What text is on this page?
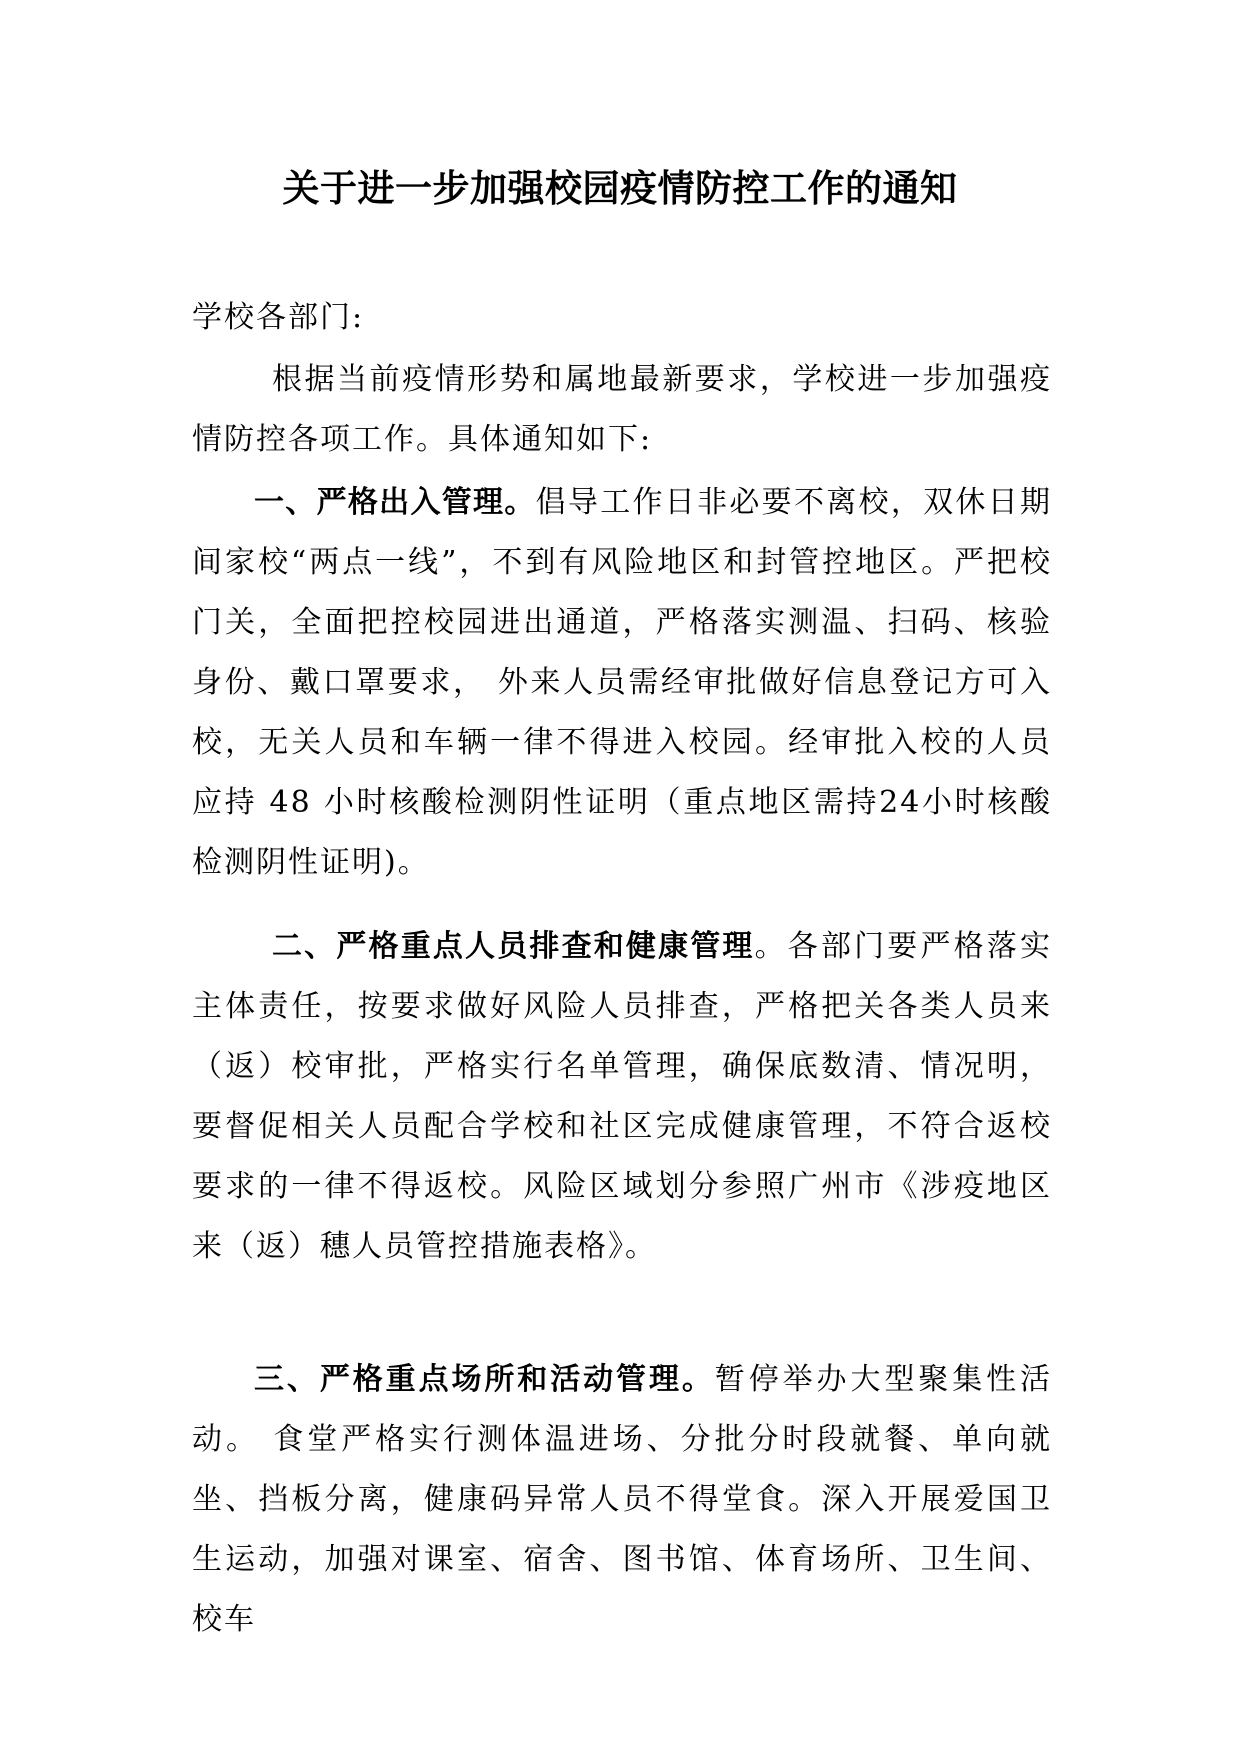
关于进一步加强校园疫情防控工作的通知
学校各部门:
根据当前疫情形势和属地最新要求，学校进一步加强疫情防控各项工作。具体通知如下:
一、严格出入管理。倡导工作日非必要不离校，双休日期间家校“两点一线”，不到有风险地区和封管控地区。严把校门关，全面把控校园进出通道，严格落实测温、扫码、核验身份、戴口罩要求， 外来人员需经审批做好信息登记方可入校，无关人员和车辆一律不得进入校园。经审批入校的人员应持 48 小时核酸检测阴性证明（重点地区需持24小时核酸检测阴性证明)。
二、严格重点人员排查和健康管理。各部门要严格落实主体责任，按要求做好风险人员排查，严格把关各类人员来（返）校审批，严格实行名单管理，确保底数清、情况明，要督促相关人员配合学校和社区完成健康管理，不符合返校要求的一律不得返校。风险区域划分参照广州市《涉疫地区来（返）穗人员管控措施表格》。
三、严格重点场所和活动管理。暂停举办大型聚集性活动。 食堂严格实行测体温进场、分批分时段就餐、单向就坐、挡板分离，健康码异常人员不得堂食。深入开展爱国卫生运动，加强对课室、宿舍、图书馆、体育场所、卫生间、校车
